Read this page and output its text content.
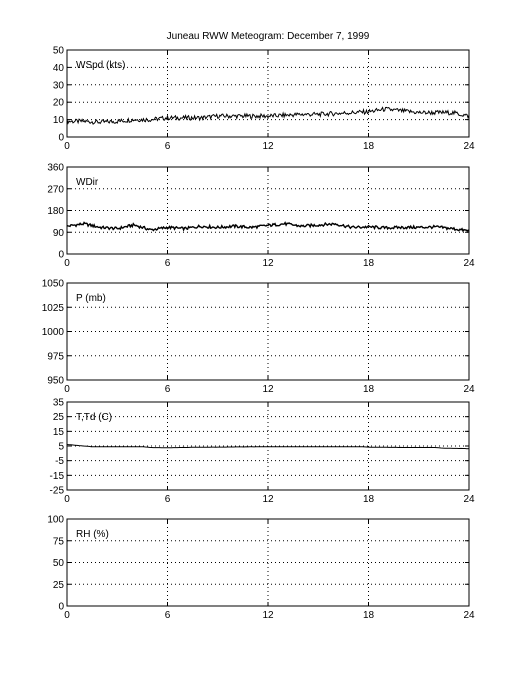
Juneau RWW Meteogram: December 7, 1999
0	6	12	18	24
0
10
20
30
40
50
WSpd (kts)
0	6	12	18	24
0
90
180
270
360
WDir
0	6	12	18	24
950
975
1000
1025
1050
P (mb)
0	6	12	18	24
-25
-15
-5
5
15
25
35
T,Td (C)
0	6	12	18	24
0
25
50
75
100
RH (%)
